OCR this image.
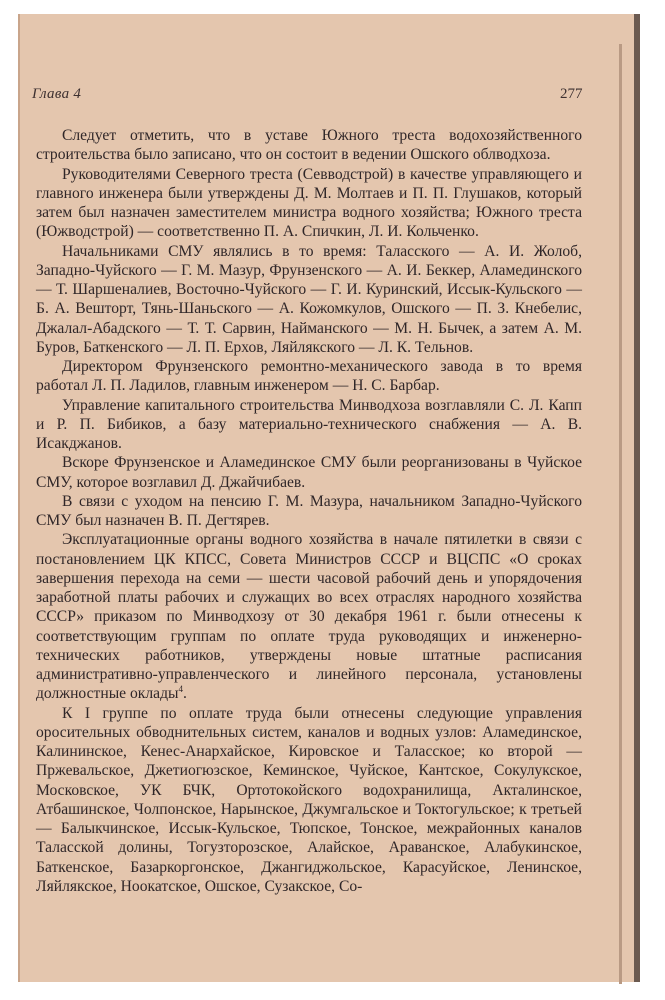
Глава 4	277

Следует отметить, что в уставе Южного треста водохозяйственного строительства было записано, что он состоит в ведении Ошского облводхоза.

Руководителями Северного треста (Севводстрой) в качестве управляющего и главного инженера были утверждены Д. М. Молтаев и П. П. Глушаков, который затем был назначен заместителем министра водного хозяйства; Южного треста (Южводстрой) — соответственно П. А. Спичкин, Л. И. Кольченко.

Начальниками СМУ являлись в то время: Таласского — А. И. Жолоб, Западно-Чуйского — Г. М. Мазур, Фрунзенского — А. И. Беккер, Аламединского — Т. Шаршеналиев, Восточно-Чуйского — Г. И. Куринский, Иссык-Кульского — Б. А. Вешторт, Тянь-Шаньского — А. Кожомкулов, Ошского — П. З. Кнебелис, Джалал-Абадского — Т. Т. Сарвин, Найманского — М. Н. Бычек, а затем А. М. Буров, Баткенского — Л. П. Ерхов, Ляйлякского — Л. К. Тельнов.

Директором Фрунзенского ремонтно-механического завода в то время работал Л. П. Ладилов, главным инженером — Н. С. Барбар.

Управление капитального строительства Минводхоза возглавляли С. Л. Капп и Р. П. Бибиков, а базу материально-технического снабжения — А. В. Исакджанов.

Вскоре Фрунзенское и Аламединское СМУ были реорганизованы в Чуйское СМУ, которое возглавил Д. Джайчибаев.

В связи с уходом на пенсию Г. М. Мазура, начальником Западно-Чуйского СМУ был назначен В. П. Дегтярев.

Эксплуатационные органы водного хозяйства в начале пятилетки в связи с постановлением ЦК КПСС, Совета Министров СССР и ВЦСПС «О сроках завершения перехода на семи — шести часовой рабочий день и упорядочения заработной платы рабочих и служащих во всех отраслях народного хозяйства СССР» приказом по Минводхозу от 30 декабря 1961 г. были отнесены к соответствующим группам по оплате труда руководящих и инженерно-технических работников, утверждены новые штатные расписания административно-управленческого и линейного персонала, установлены должностные оклады$^4$.

К I группе по оплате труда были отнесены следующие управления оросительных обводнительных систем, каналов и водных узлов: Аламединское, Калининское, Кенес-Анархайское, Кировское и Таласское; ко второй — Пржевальское, Джетиогюзское, Кеминское, Чуйское, Кантское, Сокулукское, Московское, УК БЧК, Ортотокойского водохранилища, Акталинское, Атбашинское, Чолпонское, Нарынское, Джумгальское и Токтогульское; к третьей — Балыкчинское, Иссык-Кульское, Тюпское, Тонское, межрайонных каналов Таласской долины, Тогузторозское, Алайское, Араванское, Алабукинское, Баткенское, Базаркоргонское, Джангиджольское, Карасуйское, Ленинское, Ляйлякское, Ноокатское, Ошское, Сузакское, Со-
